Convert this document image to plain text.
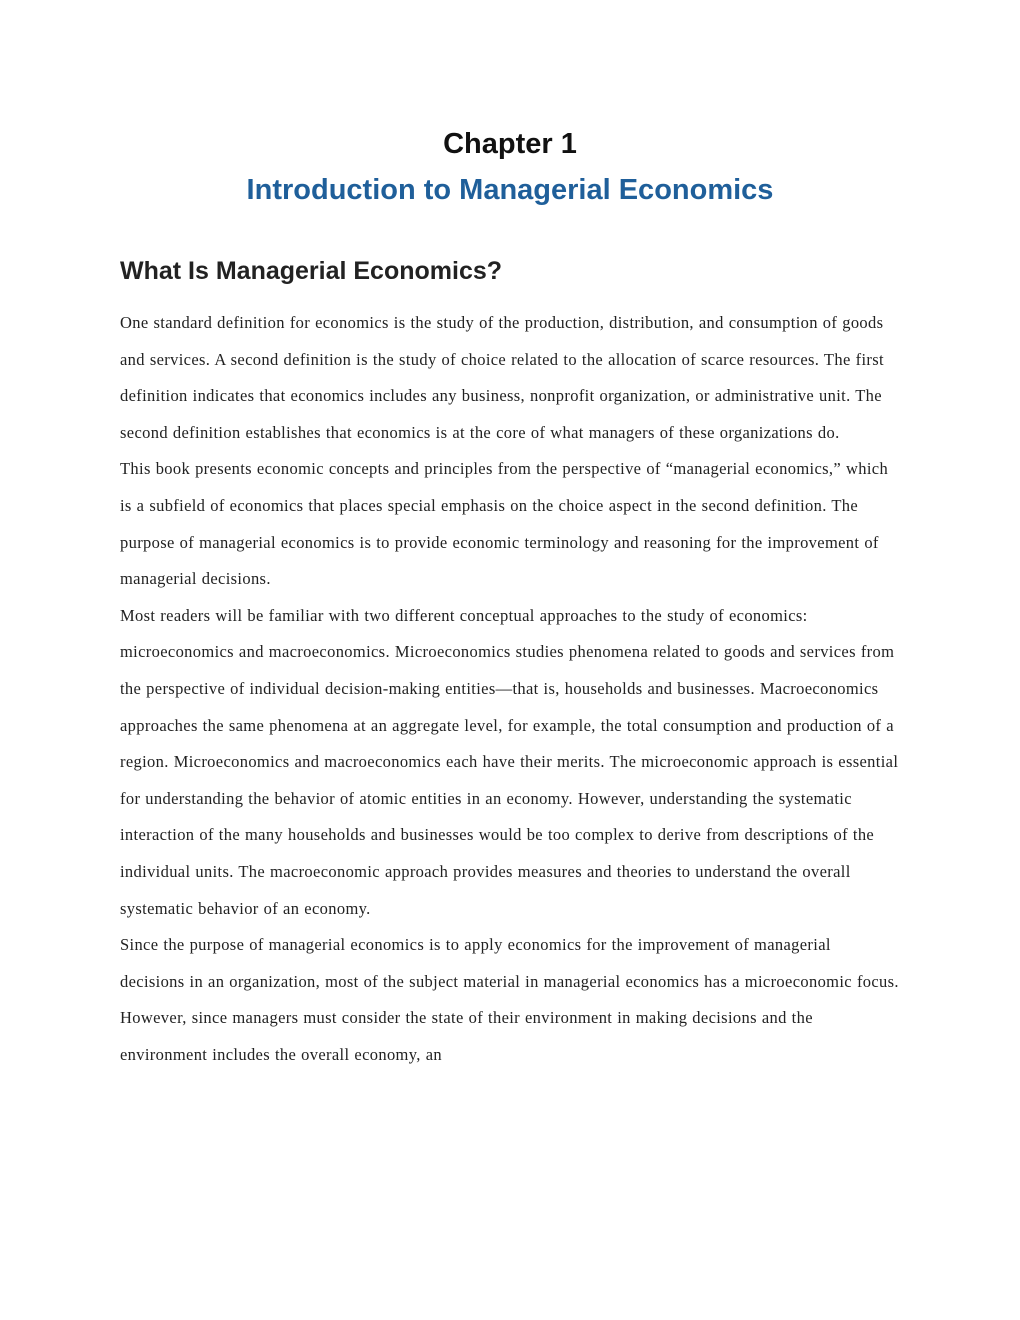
Chapter 1
Introduction to Managerial Economics
What Is Managerial Economics?

One standard definition for economics is the study of the production, distribution, and consumption of goods and services. A second definition is the study of choice related to the allocation of scarce resources. The first definition indicates that economics includes any business, nonprofit organization, or administrative unit. The second definition establishes that economics is at the core of what managers of these organizations do.

This book presents economic concepts and principles from the perspective of “managerial economics,” which is a subfield of economics that places special emphasis on the choice aspect in the second definition. The purpose of managerial economics is to provide economic terminology and reasoning for the improvement of managerial decisions.

Most readers will be familiar with two different conceptual approaches to the study of economics: microeconomics and macroeconomics. Microeconomics studies phenomena related to goods and services from the perspective of individual decision-making entities—that is, households and businesses. Macroeconomics approaches the same phenomena at an aggregate level, for example, the total consumption and production of a region. Microeconomics and macroeconomics each have their merits. The microeconomic approach is essential for understanding the behavior of atomic entities in an economy. However, understanding the systematic interaction of the many households and businesses would be too complex to derive from descriptions of the individual units. The macroeconomic approach provides measures and theories to understand the overall systematic behavior of an economy.

Since the purpose of managerial economics is to apply economics for the improvement of managerial decisions in an organization, most of the subject material in managerial economics has a microeconomic focus. However, since managers must consider the state of their environment in making decisions and the environment includes the overall economy, an
